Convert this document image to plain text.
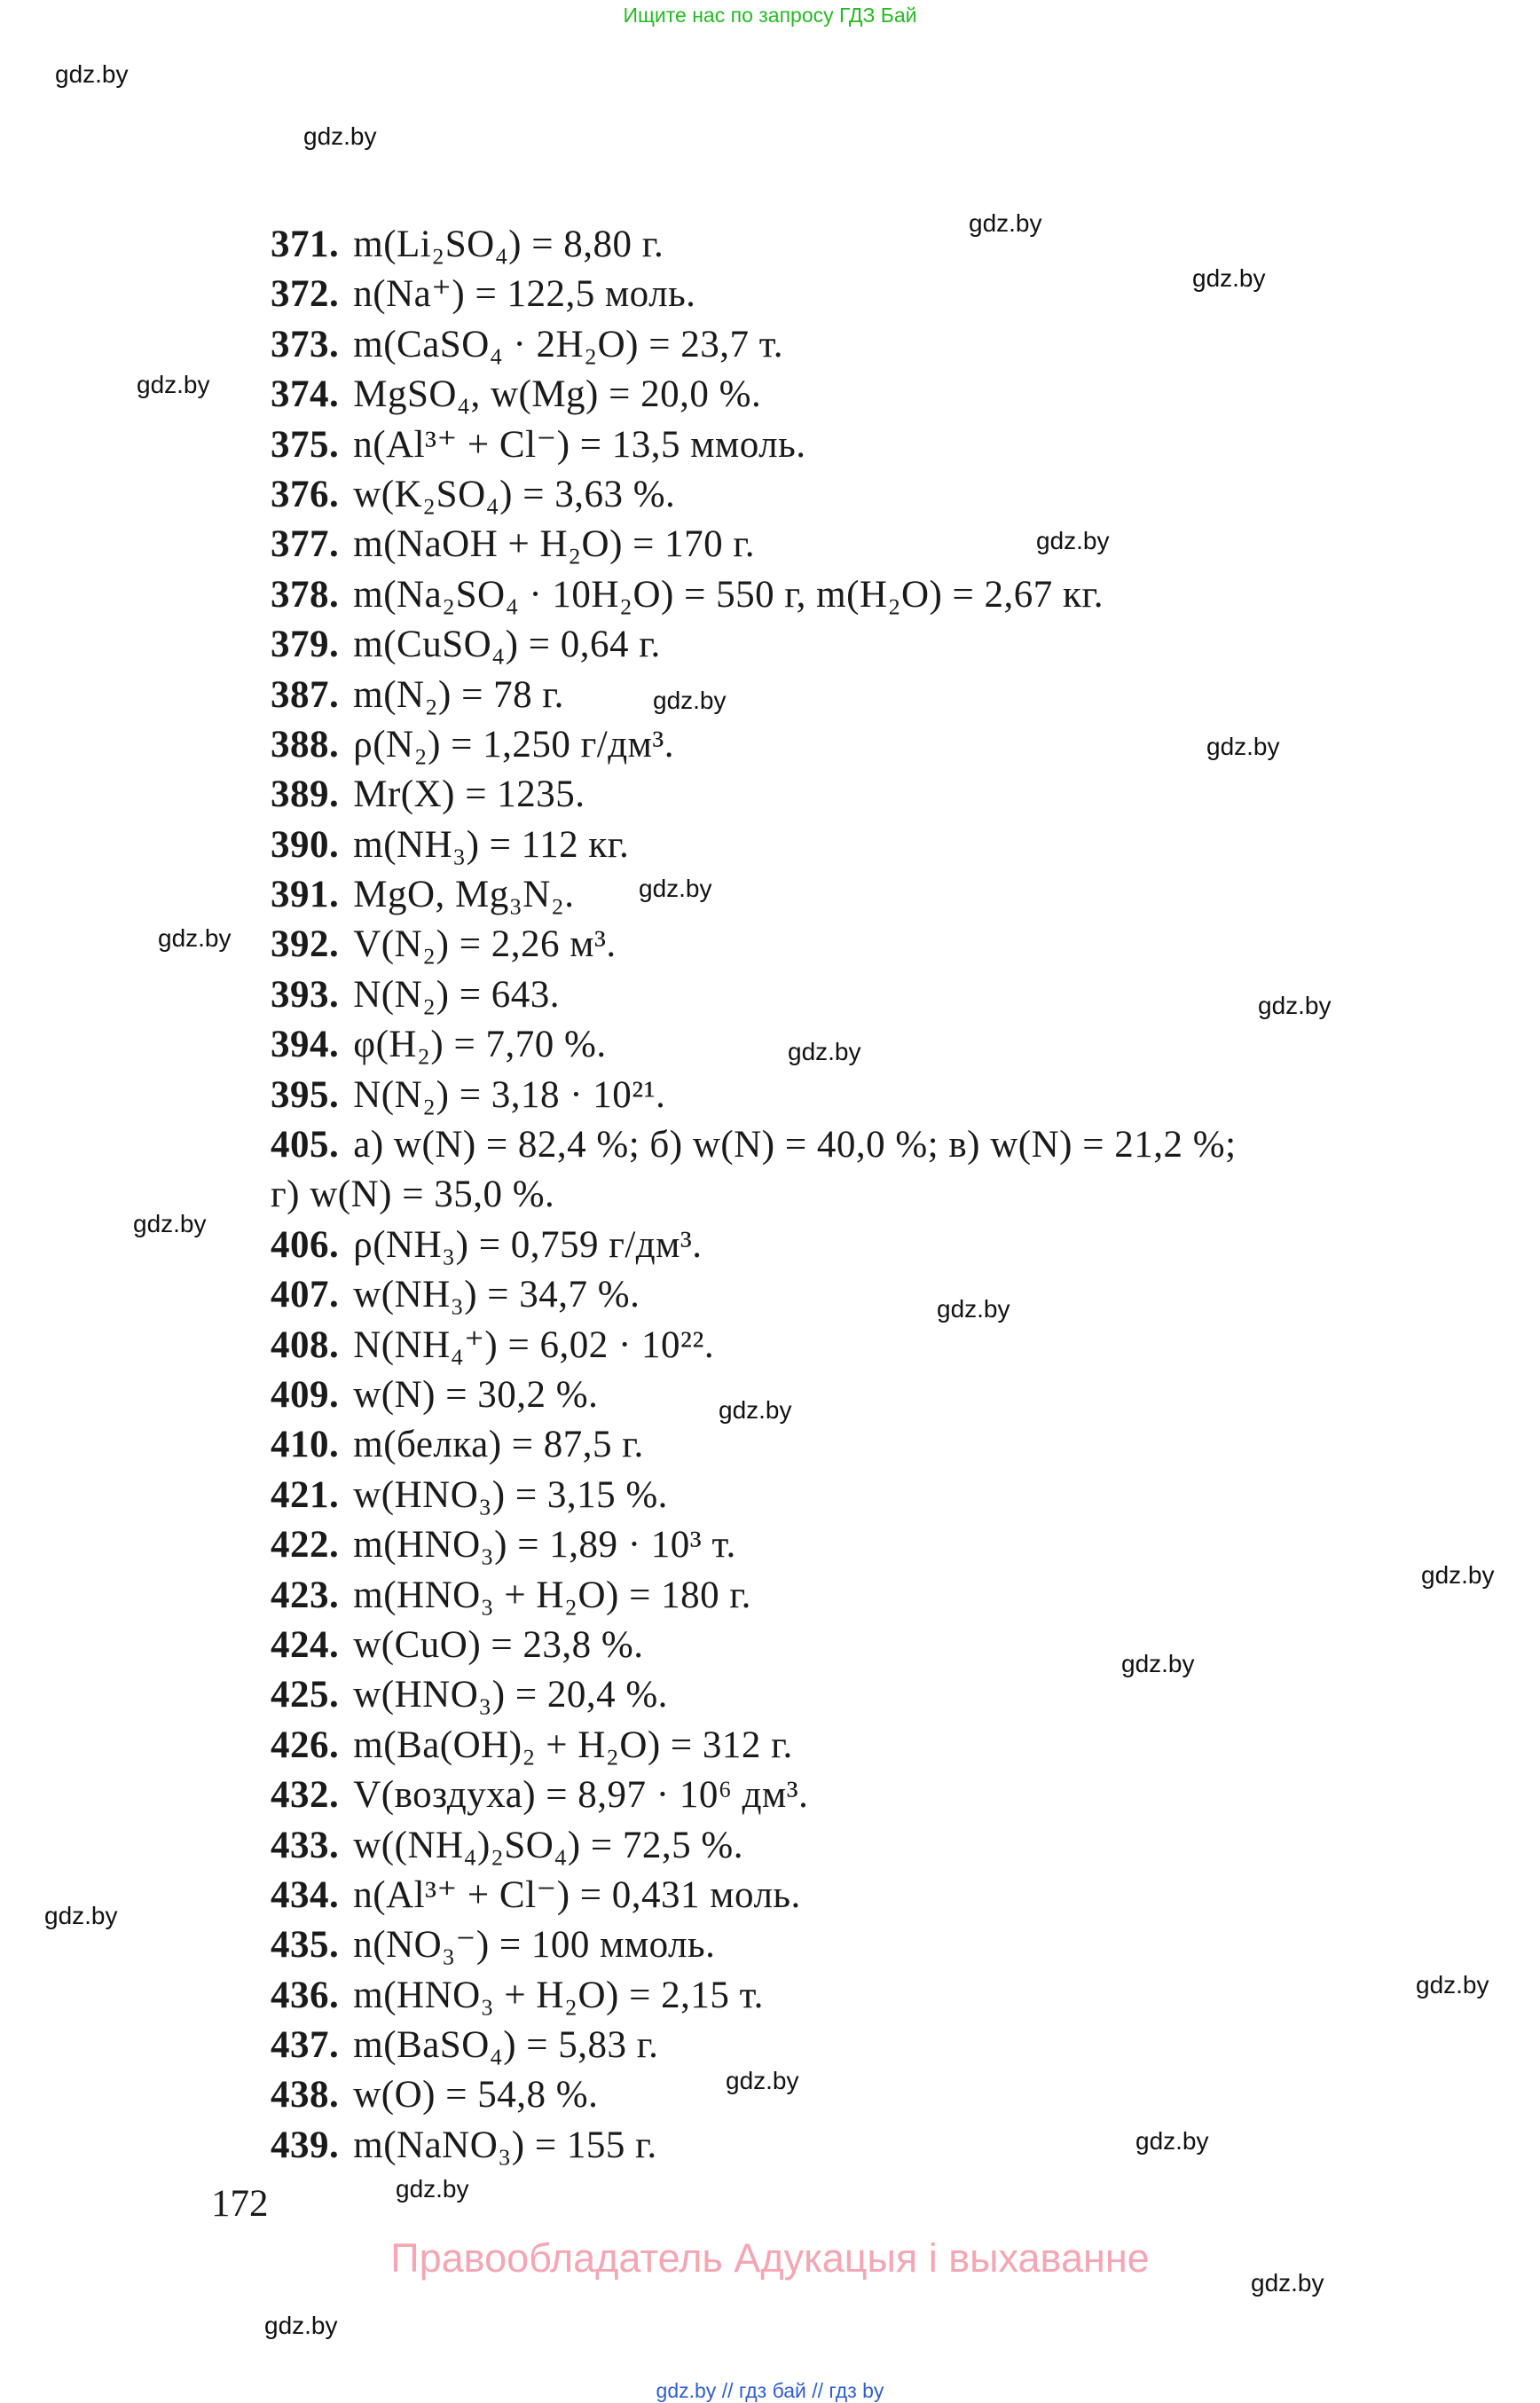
Ищите нас по запросу ГДЗ Бай
gdz.by
gdz.by
gdz.by
gdz.by
gdz.by
gdz.by
gdz.by
gdz.by
gdz.by
gdz.by
gdz.by
gdz.by
gdz.by
gdz.by
gdz.by
gdz.by
gdz.by
gdz.by
gdz.by
gdz.by
gdz.by
gdz.by
gdz.by
gdz.by
371. m(Li₂SO₄) = 8,80 г.
372. n(Na⁺) = 122,5 моль.
373. m(CaSO₄ · 2H₂O) = 23,7 т.
374. MgSO₄, w(Mg) = 20,0 %.
375. n(Al³⁺ + Cl⁻) = 13,5 ммоль.
376. w(K₂SO₄) = 3,63 %.
377. m(NaOH + H₂O) = 170 г.
378. m(Na₂SO₄ · 10H₂O) = 550 г, m(H₂O) = 2,67 кг.
379. m(CuSO₄) = 0,64 г.
387. m(N₂) = 78 г.
388. ρ(N₂) = 1,250 г/дм³.
389. Mr(X) = 1235.
390. m(NH₃) = 112 кг.
391. MgO, Mg₃N₂.
392. V(N₂) = 2,26 м³.
393. N(N₂) = 643.
394. φ(H₂) = 7,70 %.
395. N(N₂) = 3,18 · 10²¹.
405. а) w(N) = 82,4 %; б) w(N) = 40,0 %; в) w(N) = 21,2 %;
г) w(N) = 35,0 %.
406. ρ(NH₃) = 0,759 г/дм³.
407. w(NH₃) = 34,7 %.
408. N(NH₄⁺) = 6,02 · 10²².
409. w(N) = 30,2 %.
410. m(белка) = 87,5 г.
421. w(HNO₃) = 3,15 %.
422. m(HNO₃) = 1,89 · 10³ т.
423. m(HNO₃ + H₂O) = 180 г.
424. w(CuO) = 23,8 %.
425. w(HNO₃) = 20,4 %.
426. m(Ba(OH)₂ + H₂O) = 312 г.
432. V(воздуха) = 8,97 · 10⁶ дм³.
433. w((NH₄)₂SO₄) = 72,5 %.
434. n(Al³⁺ + Cl⁻) = 0,431 моль.
435. n(NO₃⁻) = 100 ммоль.
436. m(HNO₃ + H₂O) = 2,15 т.
437. m(BaSO₄) = 5,83 г.
438. w(O) = 54,8 %.
439. m(NaNO₃) = 155 г.
172
Правообладатель Адукацыя і выхаванне
gdz.by // гдз бай // гдз by
